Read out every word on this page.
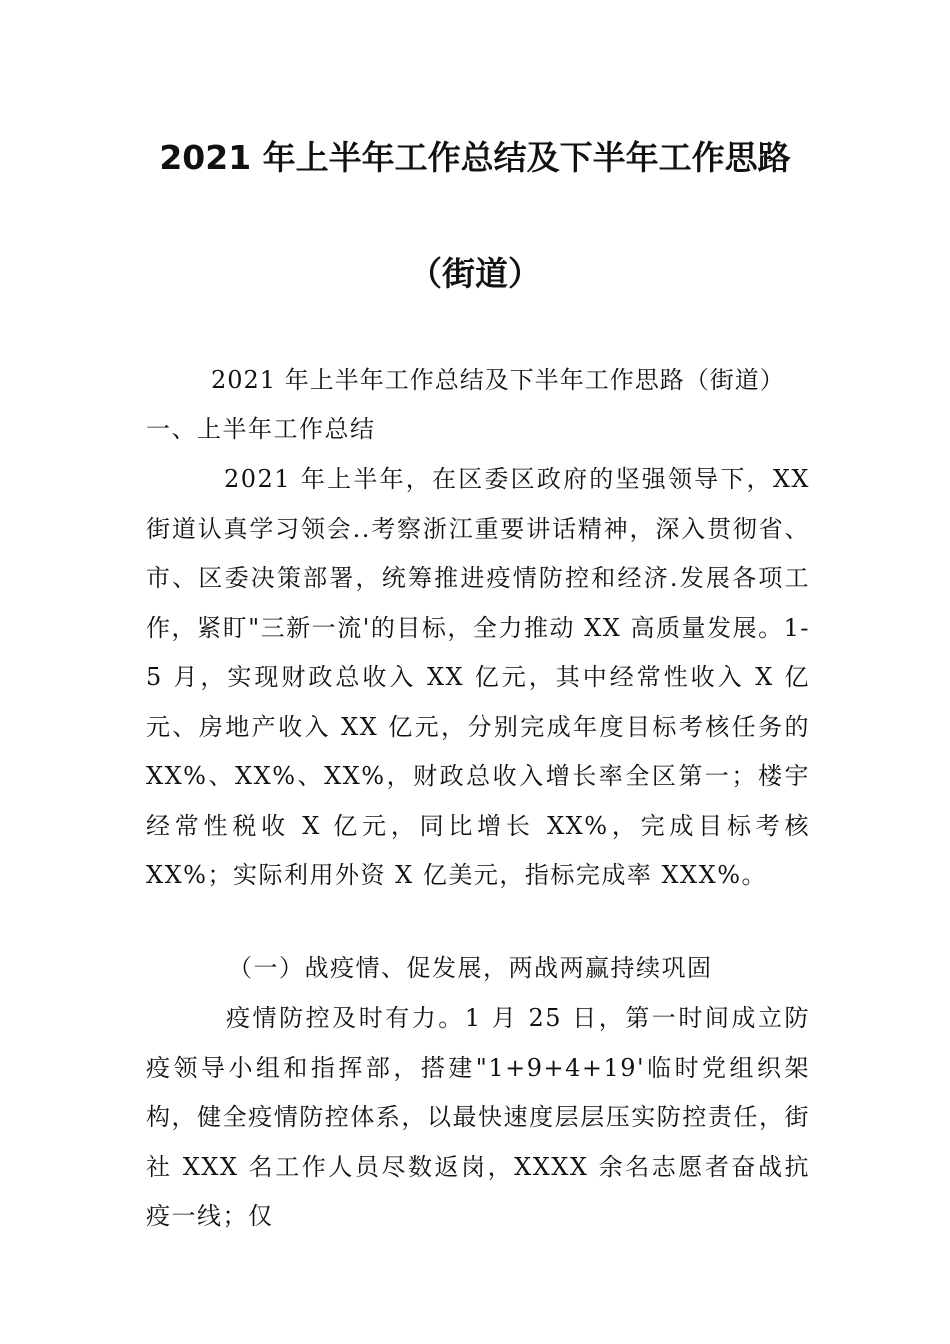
2021 年上半年工作总结及下半年工作思路
（街道）

2021 年上半年工作总结及下半年工作思路（街道）

一、上半年工作总结

2021 年上半年，在区委区政府的坚强领导下，XX 街道认真学习领会..考察浙江重要讲话精神，深入贯彻省、市、区委决策部署，统筹推进疫情防控和经济.发展各项工作，紧盯"三新一流'的目标，全力推动 XX 高质量发展。1-5 月，实现财政总收入 XX 亿元，其中经常性收入 X 亿元、房地产收入 XX 亿元，分别完成年度目标考核任务的 XX%、XX%、XX%，财政总收入增长率全区第一；楼宇经常性税收 X 亿元，同比增长 XX%，完成目标考核 XX%；实际利用外资 X 亿美元，指标完成率 XXX%。

（一）战疫情、促发展，两战两赢持续巩固

疫情防控及时有力。1 月 25 日，第一时间成立防疫领导小组和指挥部，搭建"1+9+4+19'临时党组织架构，健全疫情防控体系，以最快速度层层压实防控责任，街社 XXX 名工作人员尽数返岗，XXXX 余名志愿者奋战抗疫一线；仅
